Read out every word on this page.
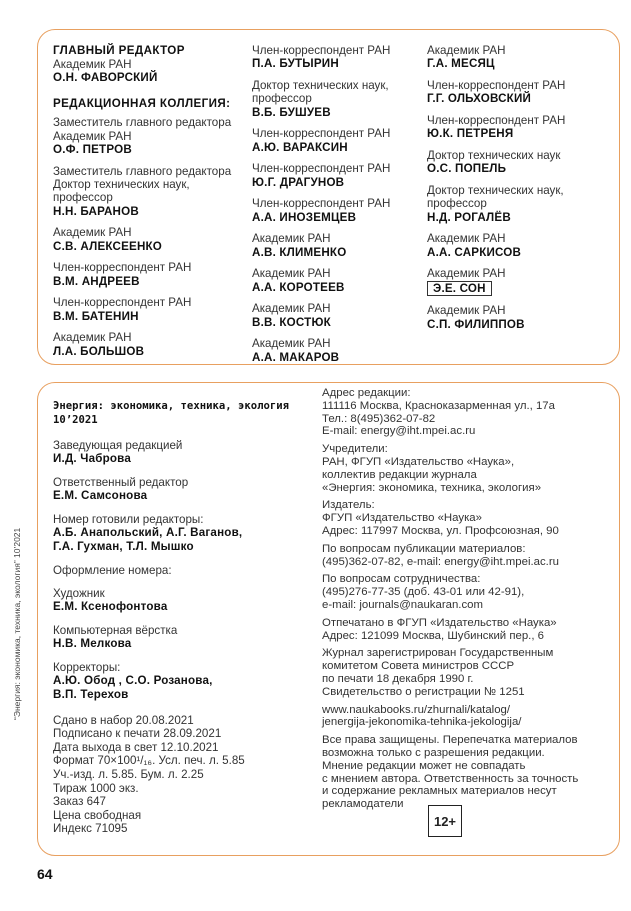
ГЛАВНЫЙ РЕДАКТОР
Академик РАН
О.Н. ФАВОРСКИЙ
РЕДАКЦИОННАЯ КОЛЛЕГИЯ:
Заместитель главного редактора
Академик РАН
О.Ф. ПЕТРОВ
Заместитель главного редактора
Доктор технических наук,
профессор
Н.Н. БАРАНОВ
Академик РАН
С.В. АЛЕКСЕЕНКО
Член-корреспондент РАН
В.М. АНДРЕЕВ
Член-корреспондент РАН
В.М. БАТЕНИН
Академик РАН
Л.А. БОЛЬШОВ
Член-корреспондент РАН
П.А. БУТЫРИН
Доктор технических наук,
профессор
В.Б. БУШУЕВ
Член-корреспондент РАН
А.Ю. ВАРАКСИН
Член-корреспондент РАН
Ю.Г. ДРАГУНОВ
Член-корреспондент РАН
А.А. ИНОЗЕМЦЕВ
Академик РАН
А.В. КЛИМЕНКО
Академик РАН
А.А. КОРОТЕЕВ
Академик РАН
В.В. КОСТЮК
Академик РАН
А.А. МАКАРОВ
Академик РАН
Г.А. МЕСЯЦ
Член-корреспондент РАН
Г.Г. ОЛЬХОВСКИЙ
Член-корреспондент РАН
Ю.К. ПЕТРЕНЯ
Доктор технических наук
О.С. ПОПЕЛЬ
Доктор технических наук,
профессор
Н.Д. РОГАЛЁВ
Академик РАН
А.А. САРКИСОВ
Академик РАН
Э.Е. СОН
Академик РАН
С.П. ФИЛИППОВ
Энергия: экономика, техника, экология
10’2021
Заведующая редакцией
И.Д. Чаброва
Ответственный редактор
Е.М. Самсонова
Номер готовили редакторы:
А.Б. Анапольский, А.Г. Ваганов,
Г.А. Гухман, Т.Л. Мышко
Оформление номера:
Художник
Е.М. Ксенофонтова
Компьютерная вёрстка
Н.В. Мелкова
Корректоры:
А.Ю. Обод , С.О. Розанова,
В.П. Терехов
Сдано в набор 20.08.2021
Подписано к печати 28.09.2021
Дата выхода в свет 12.10.2021
Формат 70×100¹/₁₆. Усл. печ. л. 5.85
Уч.-изд. л. 5.85. Бум. л. 2.25
Тираж 1000 экз.
Заказ 647
Цена свободная
Индекс 71095
Адрес редакции:
111116 Москва, Красноказарменная ул., 17а
Тел.: 8(495)362-07-82
E-mail: energy@iht.mpei.ac.ru
Учредители:
РАН, ФГУП «Издательство «Наука»,
коллектив редакции журнала
«Энергия: экономика, техника, экология»
Издатель:
ФГУП «Издательство «Наука»
Адрес: 117997 Москва, ул. Профсоюзная, 90
По вопросам публикации материалов:
(495)362-07-82, e-mail: energy@iht.mpei.ac.ru
По вопросам сотрудничества:
(495)276-77-35 (доб. 43-01 или 42-91),
e-mail: journals@naukaran.com
Отпечатано в ФГУП «Издательство «Наука»
Адрес: 121099 Москва, Шубинский пер., 6
Журнал зарегистрирован Государственным
комитетом Совета министров СССР
по печати 18 декабря 1990 г.
Свидетельство о регистрации № 1251
www.naukabooks.ru/zhurnali/katalog/
jenergija-jekonomika-tehnika-jekologija/
Все права защищены. Перепечатка материалов
возможна только с разрешения редакции.
Мнение редакции может не совпадать
с мнением автора. Ответственность за точность
и содержание рекламных материалов несут
рекламодатели
12+
“Энергия: экономика, техника, экология” 10’2021
64
